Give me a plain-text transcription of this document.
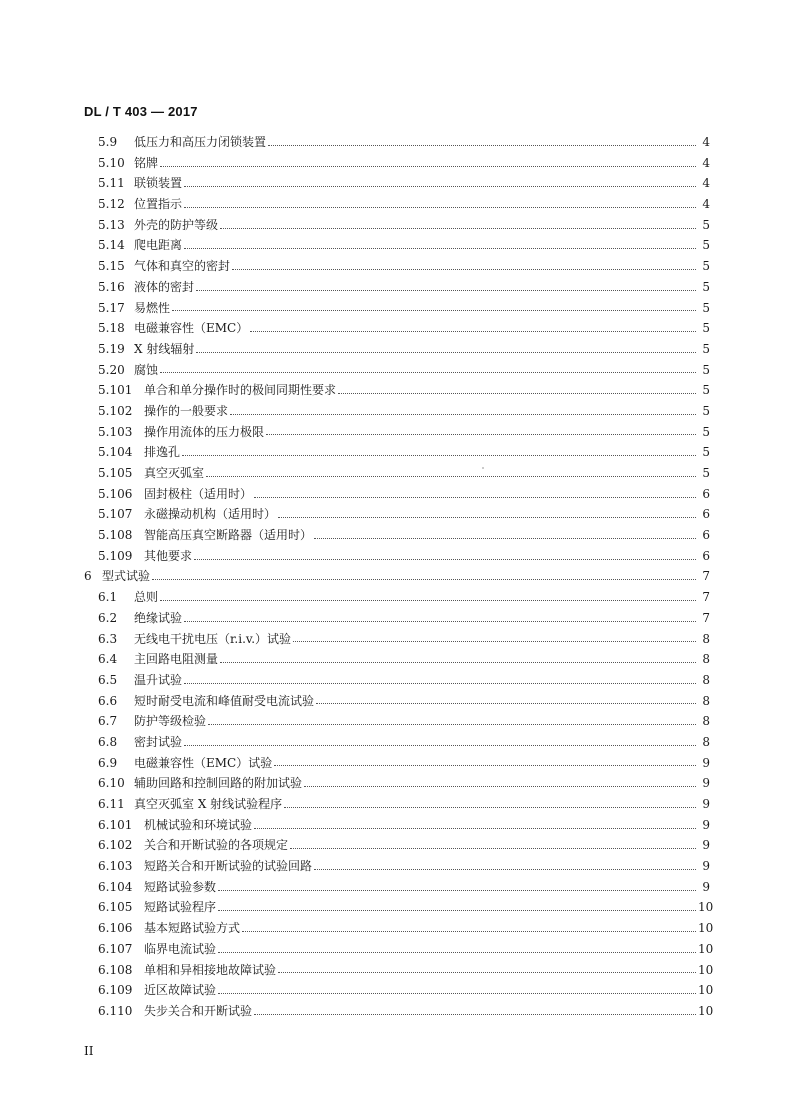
DL / T 403 — 2017
5.9	低压力和高压力闭锁装置	4
5.10 铭牌	4
5.11 联锁装置	4
5.12 位置指示	4
5.13 外壳的防护等级	5
5.14 爬电距离	5
5.15 气体和真空的密封	5
5.16 液体的密封	5
5.17 易燃性	5
5.18 电磁兼容性（EMC）	5
5.19 X 射线辐射	5
5.20 腐蚀	5
5.101 单合和单分操作时的极间同期性要求	5
5.102 操作的一般要求	5
5.103 操作用流体的压力极限	5
5.104 排逸孔	5
5.105 真空灭弧室	5
5.106 固封极柱（适用时）	6
5.107 永磁操动机构（适用时）	6
5.108 智能高压真空断路器（适用时）	6
5.109 其他要求	6
6 型式试验	7
6.1	总则	7
6.2	绝缘试验	7
6.3	无线电干扰电压（r.i.v.）试验	8
6.4	主回路电阻测量	8
6.5	温升试验	8
6.6	短时耐受电流和峰值耐受电流试验	8
6.7	防护等级检验	8
6.8	密封试验	8
6.9	电磁兼容性（EMC）试验	9
6.10 辅助回路和控制回路的附加试验	9
6.11 真空灭弧室 X 射线试验程序	9
6.101 机械试验和环境试验	9
6.102 关合和开断试验的各项规定	9
6.103 短路关合和开断试验的试验回路	9
6.104 短路试验参数	9
6.105 短路试验程序	10
6.106 基本短路试验方式	10
6.107 临界电流试验	10
6.108 单相和异相接地故障试验	10
6.109 近区故障试验	10
6.110 失步关合和开断试验	10
II
